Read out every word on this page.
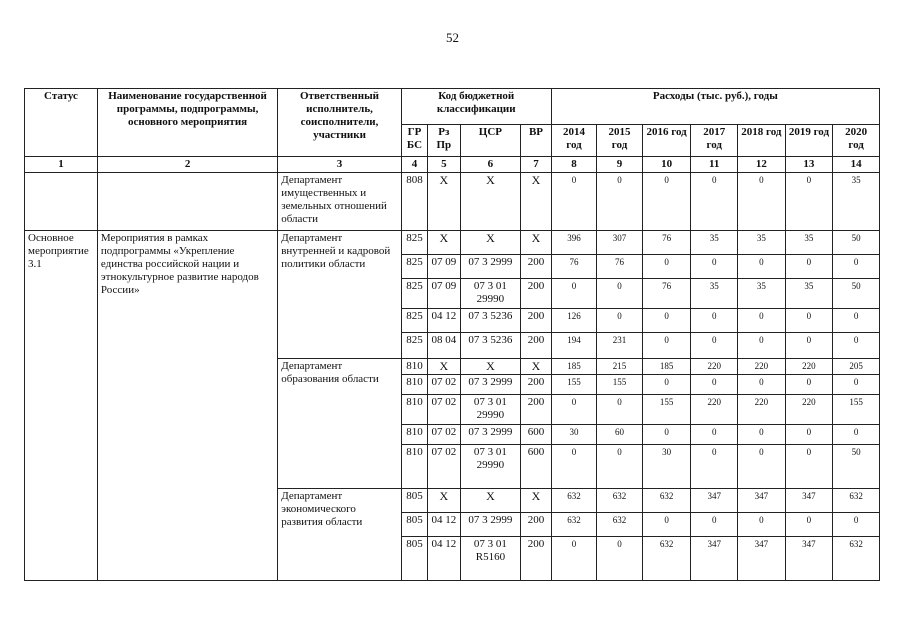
52
Статус	Наименование государственной программы, подпрограммы, основного мероприятия	Ответственный исполнитель, соисполнители, участники	Код бюджетной классификации				Расходы (тыс. руб.), годы						
			ГР БС	Рз Пр	ЦСР	ВР	2014 год	2015 год	2016 год	2017 год	2018 год	2019 год	2020 год
1	2	3	4	5	6	7	8	9	10	11	12	13	14
		Департамент имущественных и земельных отношений области	808	Х	Х	Х	0	0	0	0	0	0	35
Основное мероприятие 3.1	Мероприятия в рамках подпрограммы «Укрепление единства российской нации и этнокультурное развитие народов России»	Департамент внутренней и кадровой политики области	825	Х	Х	Х	396	307	76	35	35	35	50
			825	07 09	07 3 2999	200	76	76	0	0	0	0	0
			825	07 09	07 3 01 29990	200	0	0	76	35	35	35	50
			825	04 12	07 3 5236	200	126	0	0	0	0	0	0
			825	08 04	07 3 5236	200	194	231	0	0	0	0	0
		Департамент образования области	810	Х	Х	Х	185	215	185	220	220	220	205
			810	07 02	07 3 2999	200	155	155	0	0	0	0	0
			810	07 02	07 3 01 29990	200	0	0	155	220	220	220	155
			810	07 02	07 3 2999	600	30	60	0	0	0	0	0
			810	07 02	07 3 01 29990	600	0	0	30	0	0	0	50
		Департамент экономического развития области	805	Х	Х	Х	632	632	632	347	347	347	632
			805	04 12	07 3 2999	200	632	632	0	0	0	0	0
			805	04 12	07 3 01 R5160	200	0	0	632	347	347	347	632
